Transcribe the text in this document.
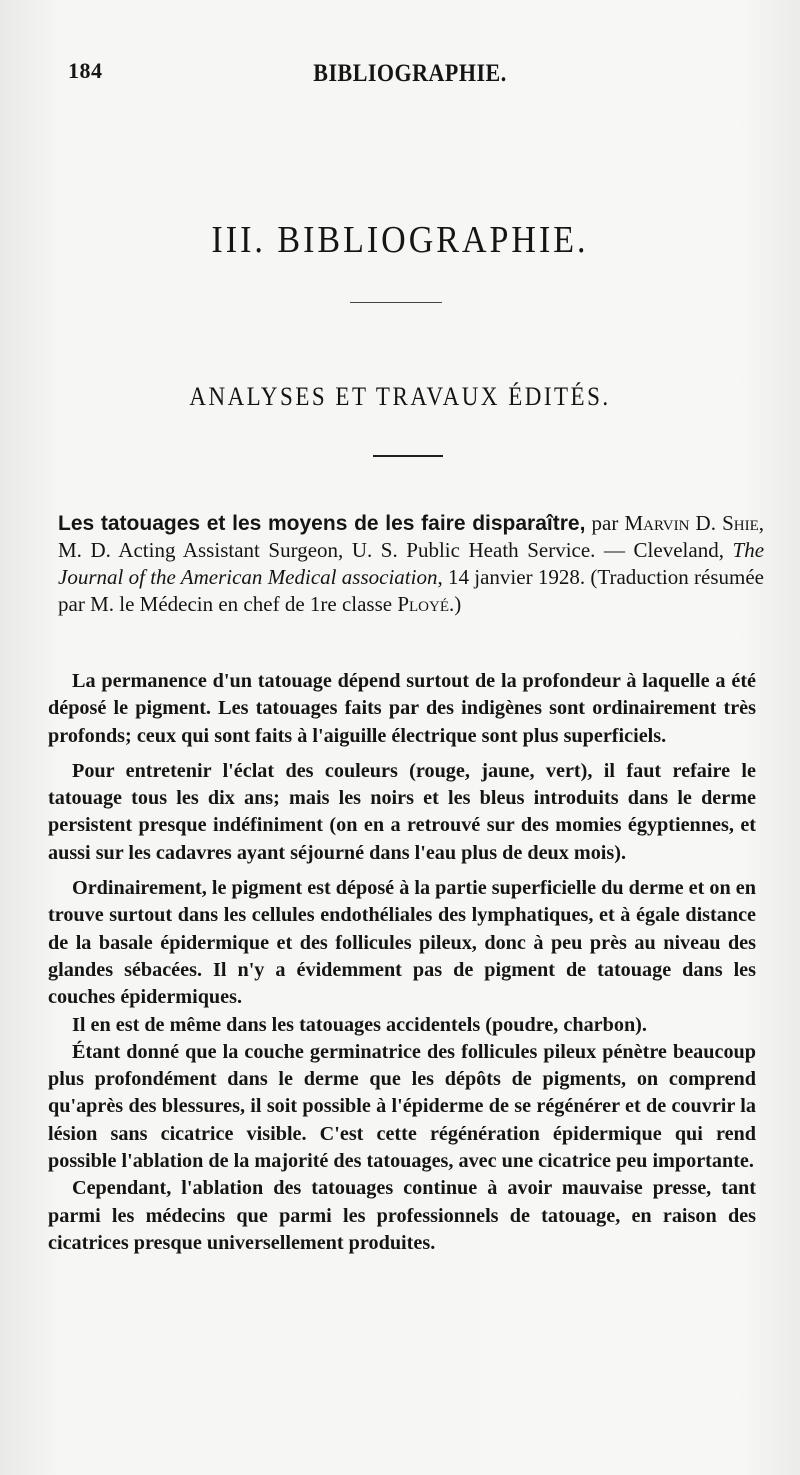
184	BIBLIOGRAPHIE.
III. BIBLIOGRAPHIE.
ANALYSES ET TRAVAUX ÉDITÉS.
Les tatouages et les moyens de les faire disparaître, par Marvin D. Shie, M. D. Acting Assistant Surgeon, U. S. Public Heath Service. — Cleveland, The Journal of the American Medical association, 14 janvier 1928. (Traduction résumée par M. le Médecin en chef de 1re classe Ployé.)

La permanence d'un tatouage dépend surtout de la profondeur à laquelle a été déposé le pigment. Les tatouages faits par des indigènes sont ordinairement très profonds; ceux qui sont faits à l'aiguille électrique sont plus superficiels.

Pour entretenir l'éclat des couleurs (rouge, jaune, vert), il faut refaire le tatouage tous les dix ans; mais les noirs et les bleus introduits dans le derme persistent presque indéfiniment (on en a retrouvé sur des momies égyptiennes, et aussi sur les cadavres ayant séjourné dans l'eau plus de deux mois).

Ordinairement, le pigment est déposé à la partie superficielle du derme et on en trouve surtout dans les cellules endothéliales des lymphatiques, et à égale distance de la basale épidermique et des follicules pileux, donc à peu près au niveau des glandes sébacées. Il n'y a évidemment pas de pigment de tatouage dans les couches épidermiques.

Il en est de même dans les tatouages accidentels (poudre, charbon).

Étant donné que la couche germinatrice des follicules pileux pénètre beaucoup plus profondément dans le derme que les dépôts de pigments, on comprend qu'après des blessures, il soit possible à l'épiderme de se régénérer et de couvrir la lésion sans cicatrice visible. C'est cette régénération épidermique qui rend possible l'ablation de la majorité des tatouages, avec une cicatrice peu importante.

Cependant, l'ablation des tatouages continue à avoir mauvaise presse, tant parmi les médecins que parmi les professionnels de tatouage, en raison des cicatrices presque universellement produites.
